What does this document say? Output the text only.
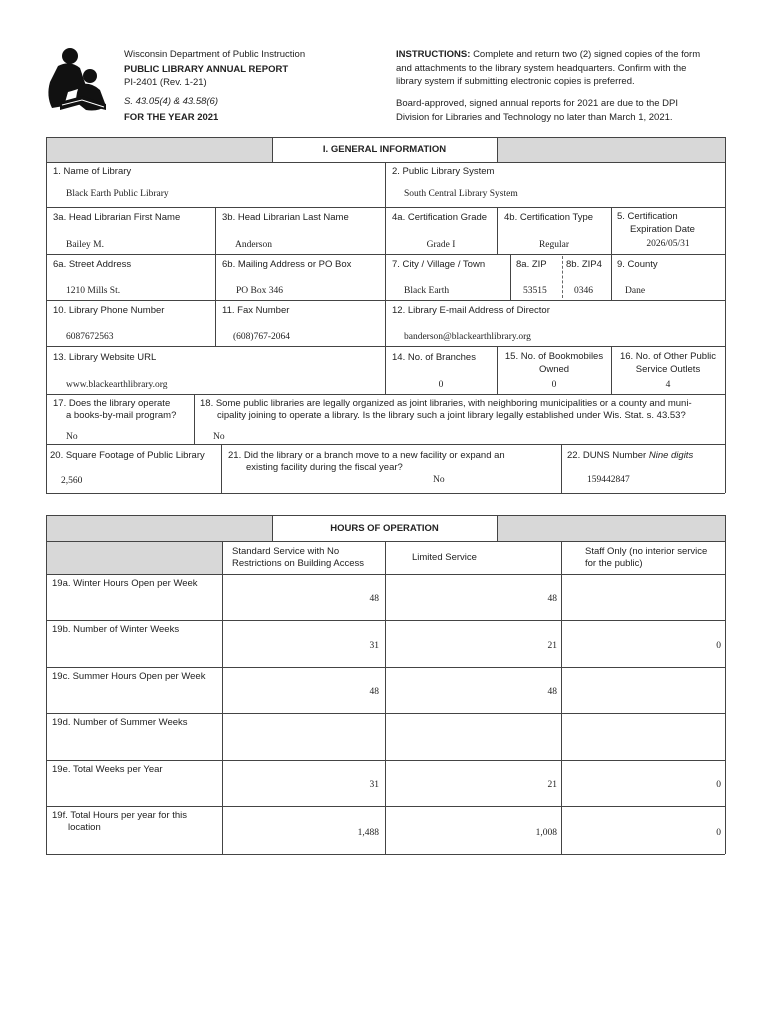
Wisconsin Department of Public Instruction
PUBLIC LIBRARY ANNUAL REPORT
PI-2401 (Rev. 1-21)
S. 43.05(4) & 43.58(6)
FOR THE YEAR 2021
INSTRUCTIONS: Complete and return two (2) signed copies of the form
and attachments to the library system headquarters. Confirm with the
library system if submitting electronic copies is preferred.
Board-approved, signed annual reports for 2021 are due to the DPI
Division for Libraries and Technology no later than March 1, 2021.
I. GENERAL INFORMATION
1. Name of Library
Black Earth Public Library
2. Public Library System
South Central Library System
3a. Head Librarian First Name
Bailey M.
3b. Head Librarian Last Name
Anderson
4a. Certification Grade
Grade I
4b. Certification Type
Regular
5. Certification
Expiration Date
2026/05/31
6a. Street Address
1210 Mills St.
6b. Mailing Address or PO Box
PO Box 346
7. City / Village / Town
Black Earth
8a. ZIP
53515
8b. ZIP4
0346
9. County
Dane
10. Library Phone Number
6087672563
11. Fax Number
(608)767-2064
12. Library E-mail Address of Director
banderson@blackearthlibrary.org
13. Library Website URL
www.blackearthlibrary.org
14. No. of Branches
0
15. No. of Bookmobiles
Owned
0
16. No. of Other Public
Service Outlets
4
17. Does the library operate
a books-by-mail program?
No
18. Some public libraries are legally organized as joint libraries, with neighboring municipalities or a county and muni-
cipality joining to operate a library. Is the library such a joint library legally established under Wis. Stat. s. 43.53?
No
20. Square Footage of Public Library
2,560
21. Did the library or a branch move to a new facility or expand an
existing facility during the fiscal year?
No
22. DUNS Number Nine digits
159442847
HOURS OF OPERATION
Standard Service with No
Restrictions on Building Access
Limited Service
Staff Only (no interior service
for the public)
19a. Winter Hours Open per Week
48	48
19b. Number of Winter Weeks
31	21	0
19c. Summer Hours Open per Week
48	48
19d. Number of Summer Weeks
19e. Total Weeks per Year
31	21	0
19f. Total Hours per year for this
location	1,488	1,008	0
